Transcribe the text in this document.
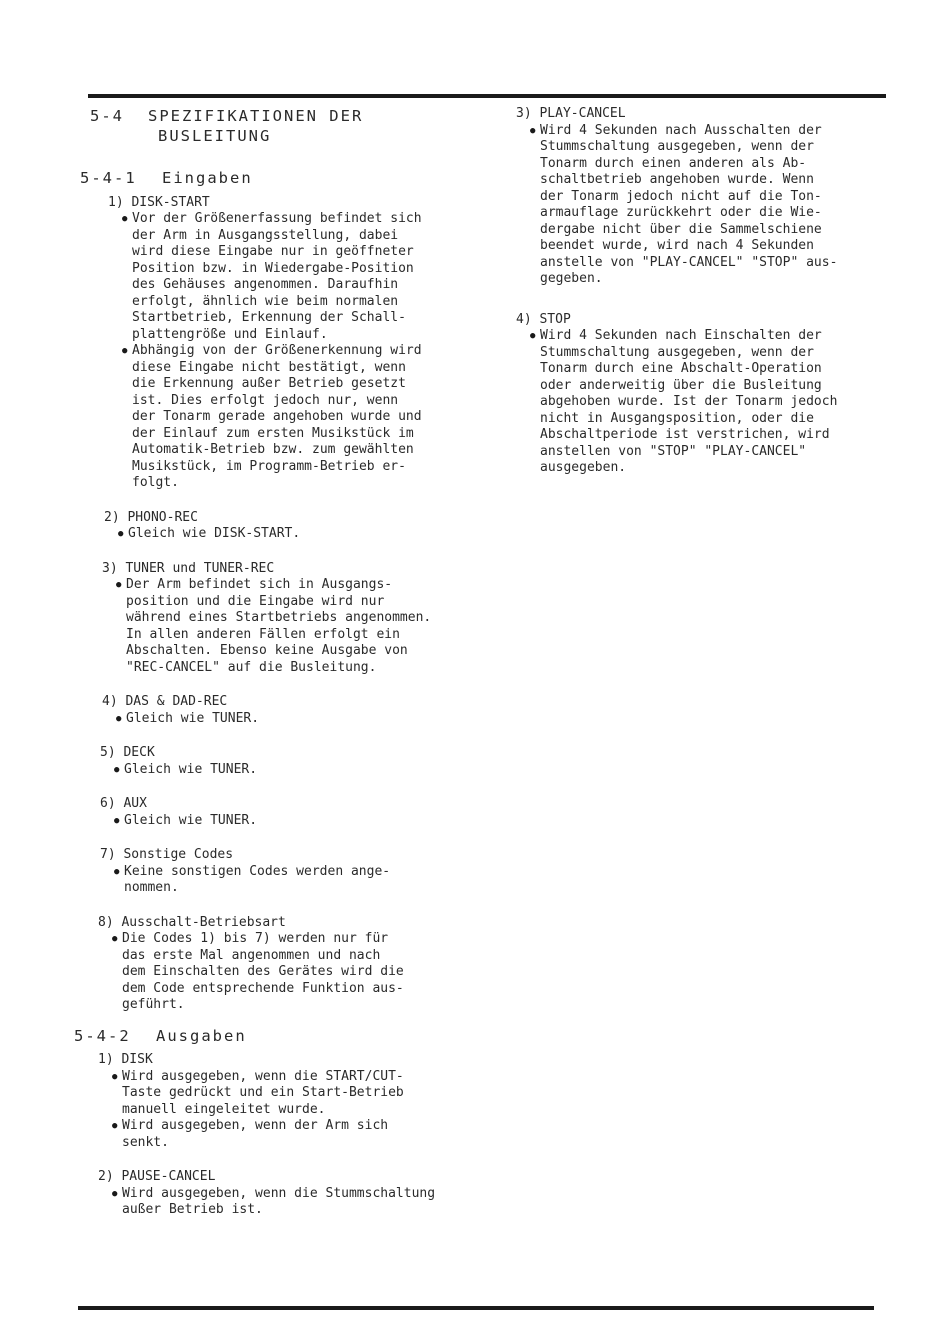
5-4 SPEZIFIKATIONEN DER
BUSLEITUNG
5-4-1 Eingaben
1) DISK-START
● Vor der Größenerfassung befindet sich
der Arm in Ausgangsstellung, dabei
wird diese Eingabe nur in geöffneter
Position bzw. in Wiedergabe-Position
des Gehäuses angenommen. Daraufhin
erfolgt, ähnlich wie beim normalen
Startbetrieb, Erkennung der Schall-
plattengröße und Einlauf.
● Abhängig von der Größenerkennung wird
diese Eingabe nicht bestätigt, wenn
die Erkennung außer Betrieb gesetzt
ist. Dies erfolgt jedoch nur, wenn
der Tonarm gerade angehoben wurde und
der Einlauf zum ersten Musikstück im
Automatik-Betrieb bzw. zum gewählten
Musikstück, im Programm-Betrieb er-
folgt.
2) PHONO-REC
● Gleich wie DISK-START.
3) TUNER und TUNER-REC
● Der Arm befindet sich in Ausgangs-
position und die Eingabe wird nur
während eines Startbetriebs angenommen.
In allen anderen Fällen erfolgt ein
Abschalten. Ebenso keine Ausgabe von
"REC-CANCEL" auf die Busleitung.
4) DAS & DAD-REC
● Gleich wie TUNER.
5) DECK
● Gleich wie TUNER.
6) AUX
● Gleich wie TUNER.
7) Sonstige Codes
● Keine sonstigen Codes werden ange-
nommen.
8) Ausschalt-Betriebsart
● Die Codes 1) bis 7) werden nur für
das erste Mal angenommen und nach
dem Einschalten des Gerätes wird die
dem Code entsprechende Funktion aus-
geführt.
5-4-2 Ausgaben
1) DISK
● Wird ausgegeben, wenn die START/CUT-
Taste gedrückt und ein Start-Betrieb
manuell eingeleitet wurde.
● Wird ausgegeben, wenn der Arm sich
senkt.
2) PAUSE-CANCEL
● Wird ausgegeben, wenn die Stummschaltung
außer Betrieb ist.
3) PLAY-CANCEL
● Wird 4 Sekunden nach Ausschalten der
Stummschaltung ausgegeben, wenn der
Tonarm durch einen anderen als Ab-
schaltbetrieb angehoben wurde. Wenn
der Tonarm jedoch nicht auf die Ton-
armauflage zurückkehrt oder die Wie-
dergabe nicht über die Sammelschiene
beendet wurde, wird nach 4 Sekunden
anstelle von "PLAY-CANCEL" "STOP" aus-
gegeben.
4) STOP
● Wird 4 Sekunden nach Einschalten der
Stummschaltung ausgegeben, wenn der
Tonarm durch eine Abschalt-Operation
oder anderweitig über die Busleitung
abgehoben wurde. Ist der Tonarm jedoch
nicht in Ausgangsposition, oder die
Abschaltperiode ist verstrichen, wird
anstellen von "STOP" "PLAY-CANCEL"
ausgegeben.
